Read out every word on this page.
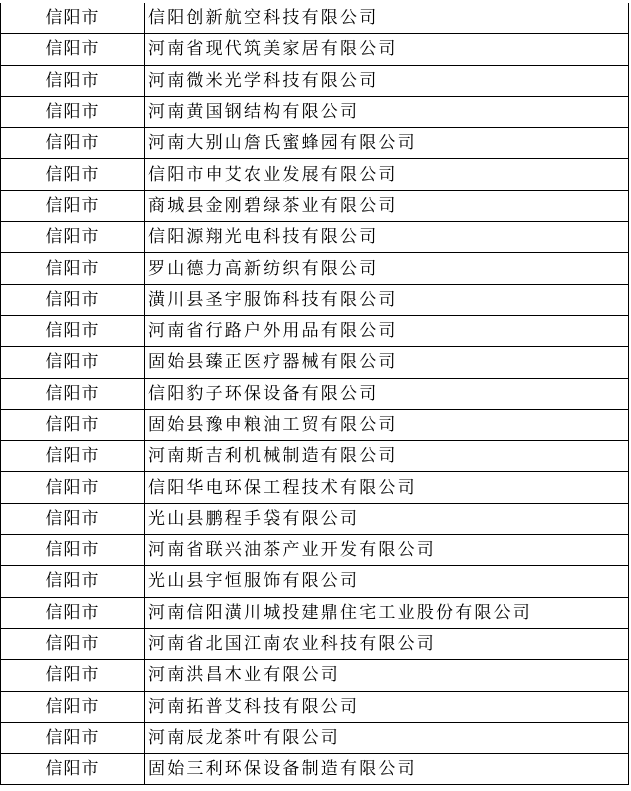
信阳市	信阳创新航空科技有限公司
信阳市	河南省现代筑美家居有限公司
信阳市	河南微米光学科技有限公司
信阳市	河南黄国钢结构有限公司
信阳市	河南大别山詹氏蜜蜂园有限公司
信阳市	信阳市申艾农业发展有限公司
信阳市	商城县金刚碧绿茶业有限公司
信阳市	信阳源翔光电科技有限公司
信阳市	罗山德力高新纺织有限公司
信阳市	潢川县圣宇服饰科技有限公司
信阳市	河南省行路户外用品有限公司
信阳市	固始县臻正医疗器械有限公司
信阳市	信阳豹子环保设备有限公司
信阳市	固始县豫申粮油工贸有限公司
信阳市	河南斯吉利机械制造有限公司
信阳市	信阳华电环保工程技术有限公司
信阳市	光山县鹏程手袋有限公司
信阳市	河南省联兴油茶产业开发有限公司
信阳市	光山县宇恒服饰有限公司
信阳市	河南信阳潢川城投建鼎住宅工业股份有限公司
信阳市	河南省北国江南农业科技有限公司
信阳市	河南洪昌木业有限公司
信阳市	河南拓普艾科技有限公司
信阳市	河南辰龙茶叶有限公司
信阳市	固始三利环保设备制造有限公司
